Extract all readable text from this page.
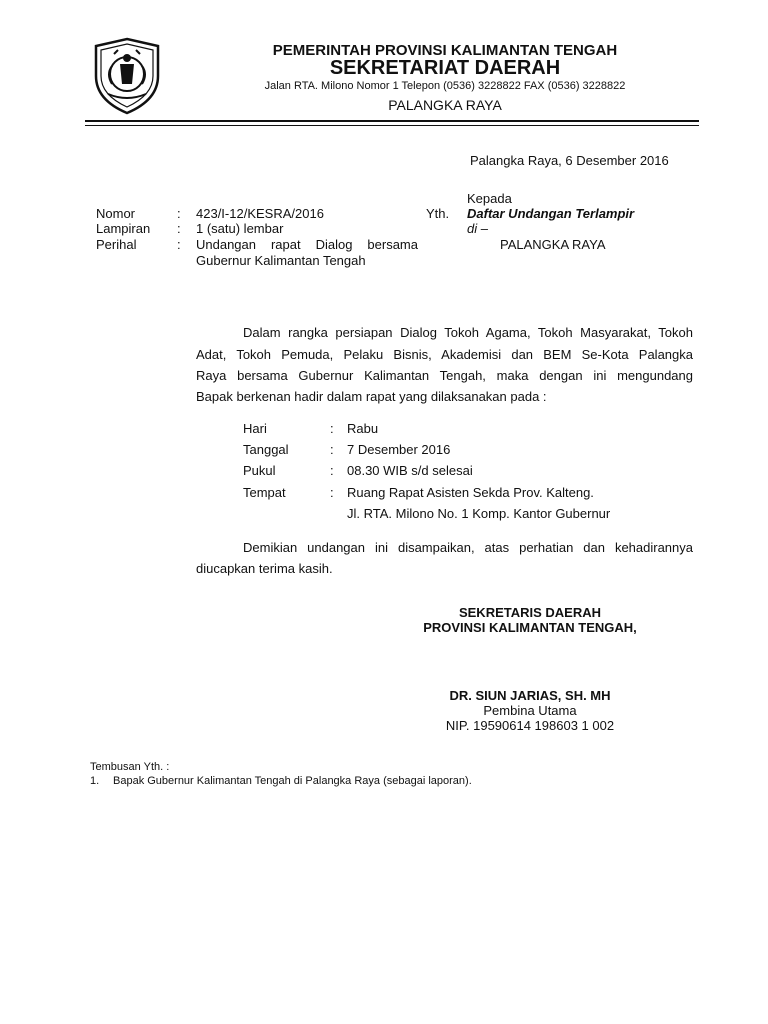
PEMERINTAH PROVINSI KALIMANTAN TENGAH
SEKRETARIAT DAERAH
Jalan RTA. Milono Nomor 1 Telepon (0536) 3228822 FAX (0536) 3228822
PALANGKA RAYA
Palangka Raya, 6 Desember 2016
Kepada
Yth. Daftar Undangan Terlampir
di –
PALANGKA RAYA
Nomor	: 423/I-12/KESRA/2016
Lampiran : 1 (satu) lembar
Perihal	: Undangan rapat Dialog bersama
Gubernur Kalimantan Tengah
Dalam rangka persiapan Dialog Tokoh Agama, Tokoh Masyarakat, Tokoh
Adat, Tokoh Pemuda, Pelaku Bisnis, Akademisi dan BEM Se-Kota Palangka
Raya bersama Gubernur Kalimantan Tengah, maka dengan ini mengundang
Bapak berkenan hadir dalam rapat yang dilaksanakan pada :
Hari	: Rabu
Tanggal	: 7 Desember 2016
Pukul	: 08.30 WIB s/d selesai
Tempat	: Ruang Rapat Asisten Sekda Prov. Kalteng.
Jl. RTA. Milono No. 1 Komp. Kantor Gubernur
Demikian undangan ini disampaikan, atas perhatian dan kehadirannya
diucapkan terima kasih.
SEKRETARIS DAERAH
PROVINSI KALIMANTAN TENGAH,
DR. SIUN JARIAS, SH. MH
Pembina Utama
NIP. 19590614 198603 1 002
Tembusan Yth. :
1. Bapak Gubernur Kalimantan Tengah di Palangka Raya (sebagai laporan).
